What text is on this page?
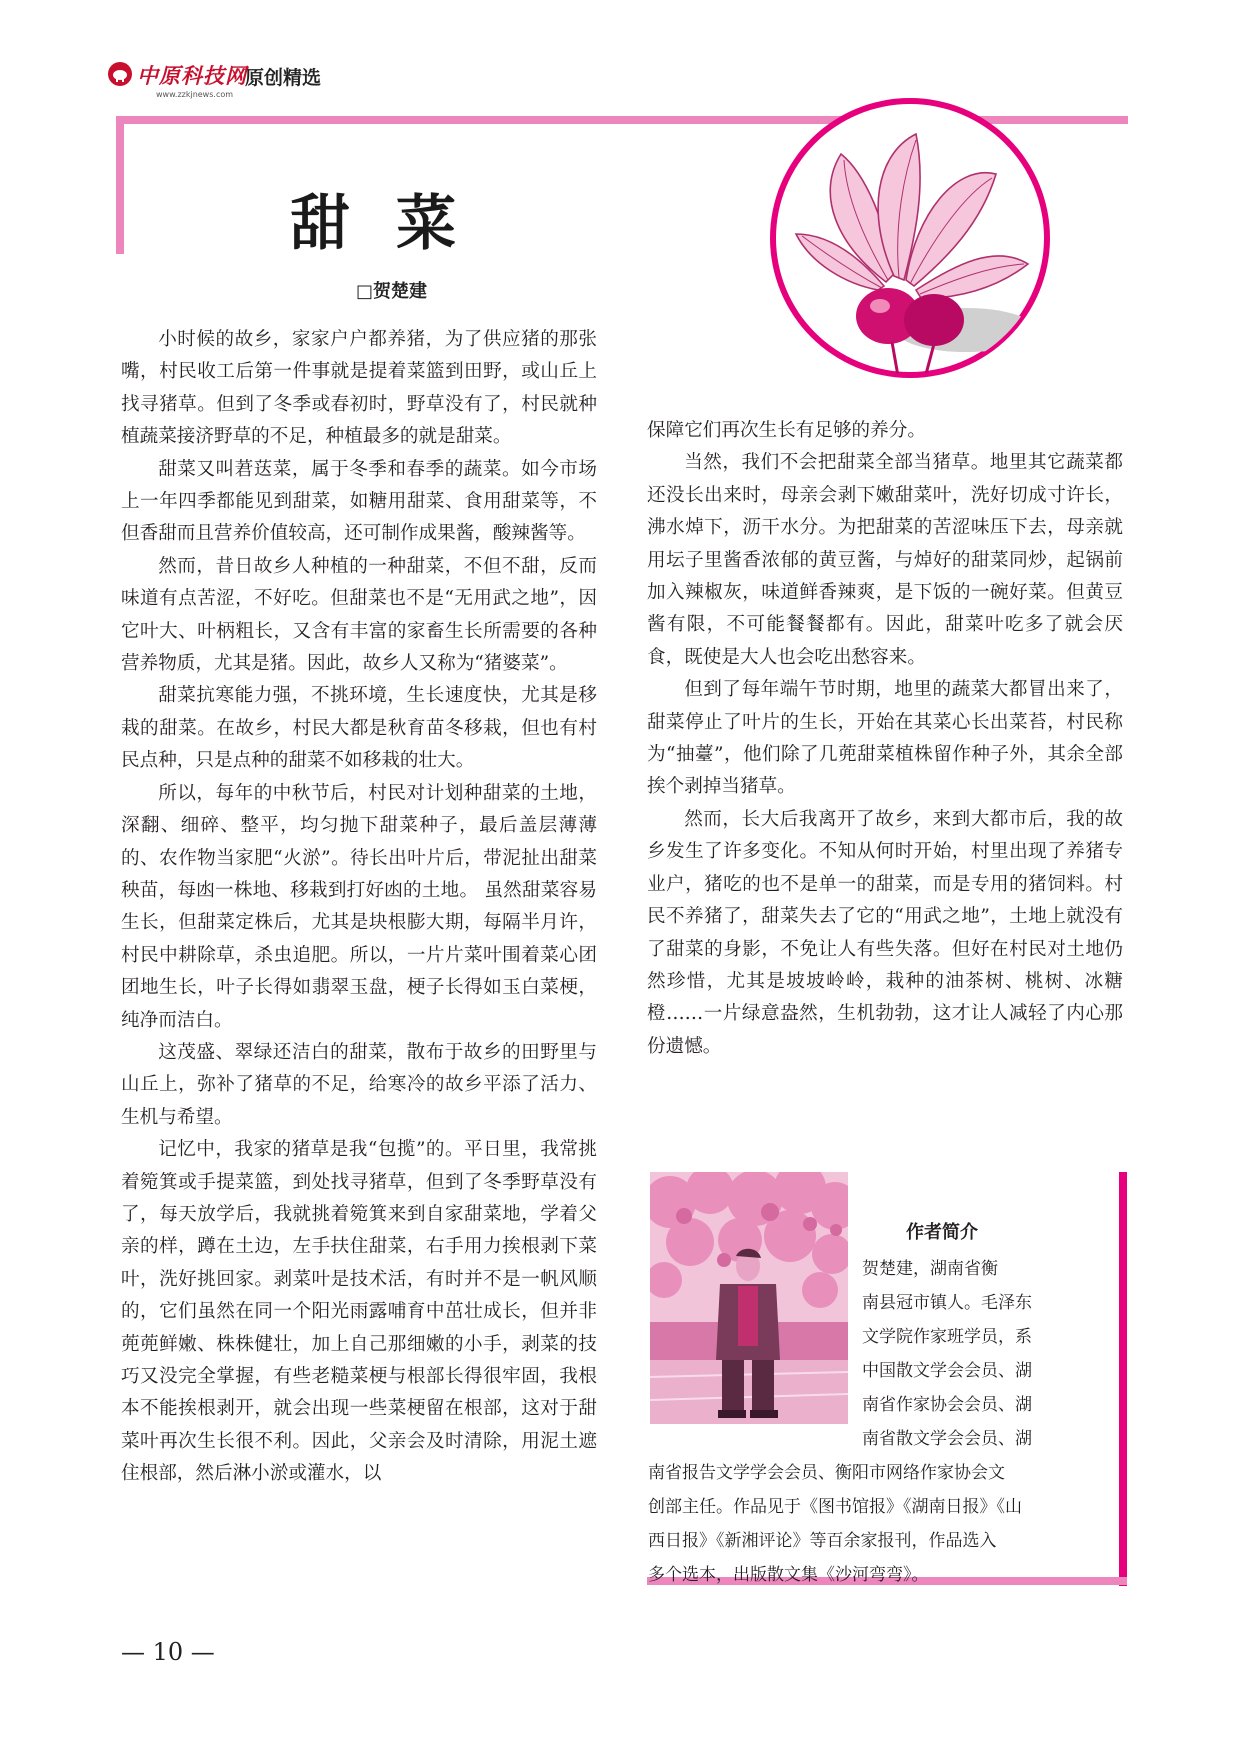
中原科技网
www.zzkjnews.com
原创精选
甜菜
□贺楚建

小时候的故乡，家家户户都养猪，为了供应猪的那张嘴，村民收工后第一件事就是提着菜篮到田野，或山丘上找寻猪草。但到了冬季或春初时，野草没有了，村民就种植蔬菜接济野草的不足，种植最多的就是甜菜。

甜菜又叫莙荙菜，属于冬季和春季的蔬菜。如今市场上一年四季都能见到甜菜，如糖用甜菜、食用甜菜等，不但香甜而且营养价值较高，还可制作成果酱，酸辣酱等。

然而，昔日故乡人种植的一种甜菜，不但不甜，反而味道有点苦涩，不好吃。但甜菜也不是“无用武之地”，因它叶大、叶柄粗长，又含有丰富的家畜生长所需要的各种营养物质，尤其是猪。因此，故乡人又称为“猪婆菜”。

甜菜抗寒能力强，不挑环境，生长速度快，尤其是移栽的甜菜。在故乡，村民大都是秋育苗冬移栽，但也有村民点种，只是点种的甜菜不如移栽的壮大。

所以，每年的中秋节后，村民对计划种甜菜的土地，深翻、细碎、整平，均匀抛下甜菜种子，最后盖层薄薄的、农作物当家肥“火淤”。待长出叶片后，带泥扯出甜菜秧苗，每凼一株地、移栽到打好凼的土地。 虽然甜菜容易生长，但甜菜定株后，尤其是块根膨大期，每隔半月许，村民中耕除草，杀虫追肥。所以，一片片菜叶围着菜心团团地生长，叶子长得如翡翠玉盘，梗子长得如玉白菜梗，纯净而洁白。

这茂盛、翠绿还洁白的甜菜，散布于故乡的田野里与山丘上，弥补了猪草的不足，给寒冷的故乡平添了活力、生机与希望。

记忆中，我家的猪草是我“包揽”的。平日里，我常挑着箢箕或手提菜篮，到处找寻猪草，但到了冬季野草没有了，每天放学后，我就挑着箢箕来到自家甜菜地，学着父亲的样，蹲在土边，左手扶住甜菜，右手用力挨根剥下菜叶，洗好挑回家。剥菜叶是技术活，有时并不是一帆风顺的，它们虽然在同一个阳光雨露哺育中茁壮成长，但并非蔸蔸鲜嫩、株株健壮，加上自己那细嫩的小手，剥菜的技巧又没完全掌握，有些老糙菜梗与根部长得很牢固，我根本不能挨根剥开，就会出现一些菜梗留在根部，这对于甜菜叶再次生长很不利。因此，父亲会及时清除，用泥土遮住根部，然后淋小淤或灌水，以

保障它们再次生长有足够的养分。

当然，我们不会把甜菜全部当猪草。地里其它蔬菜都还没长出来时，母亲会剥下嫩甜菜叶，洗好切成寸许长，沸水焯下，沥干水分。为把甜菜的苦涩味压下去，母亲就用坛子里酱香浓郁的黄豆酱，与焯好的甜菜同炒，起锅前加入辣椒灰，味道鲜香辣爽，是下饭的一碗好菜。但黄豆酱有限，不可能餐餐都有。因此，甜菜叶吃多了就会厌食，既使是大人也会吃出愁容来。

但到了每年端午节时期，地里的蔬菜大都冒出来了，甜菜停止了叶片的生长，开始在其菜心长出菜苔，村民称为“抽薹”，他们除了几蔸甜菜植株留作种子外，其余全部挨个剥掉当猪草。

然而，长大后我离开了故乡，来到大都市后，我的故乡发生了许多变化。不知从何时开始，村里出现了养猪专业户，猪吃的也不是单一的甜菜，而是专用的猪饲料。村民不养猪了，甜菜失去了它的“用武之地”，土地上就没有了甜菜的身影，不免让人有些失落。但好在村民对土地仍然珍惜，尤其是坡坡岭岭，栽种的油茶树、桃树、冰糖橙……一片绿意盎然，生机勃勃，这才让人减轻了内心那份遗憾。

作者简介
贺楚建，湖南省衡
南县冠市镇人。毛泽东
文学院作家班学员，系
中国散文学会会员、湖
南省作家协会会员、湖
南省散文学会会员、湖
南省报告文学学会会员、衡阳市网络作家协会文
创部主任。作品见于《图书馆报》《湖南日报》《山
西日报》《新湘评论》等百余家报刊，作品选入
多个选本，出版散文集《沙河弯弯》。
— 10 —
